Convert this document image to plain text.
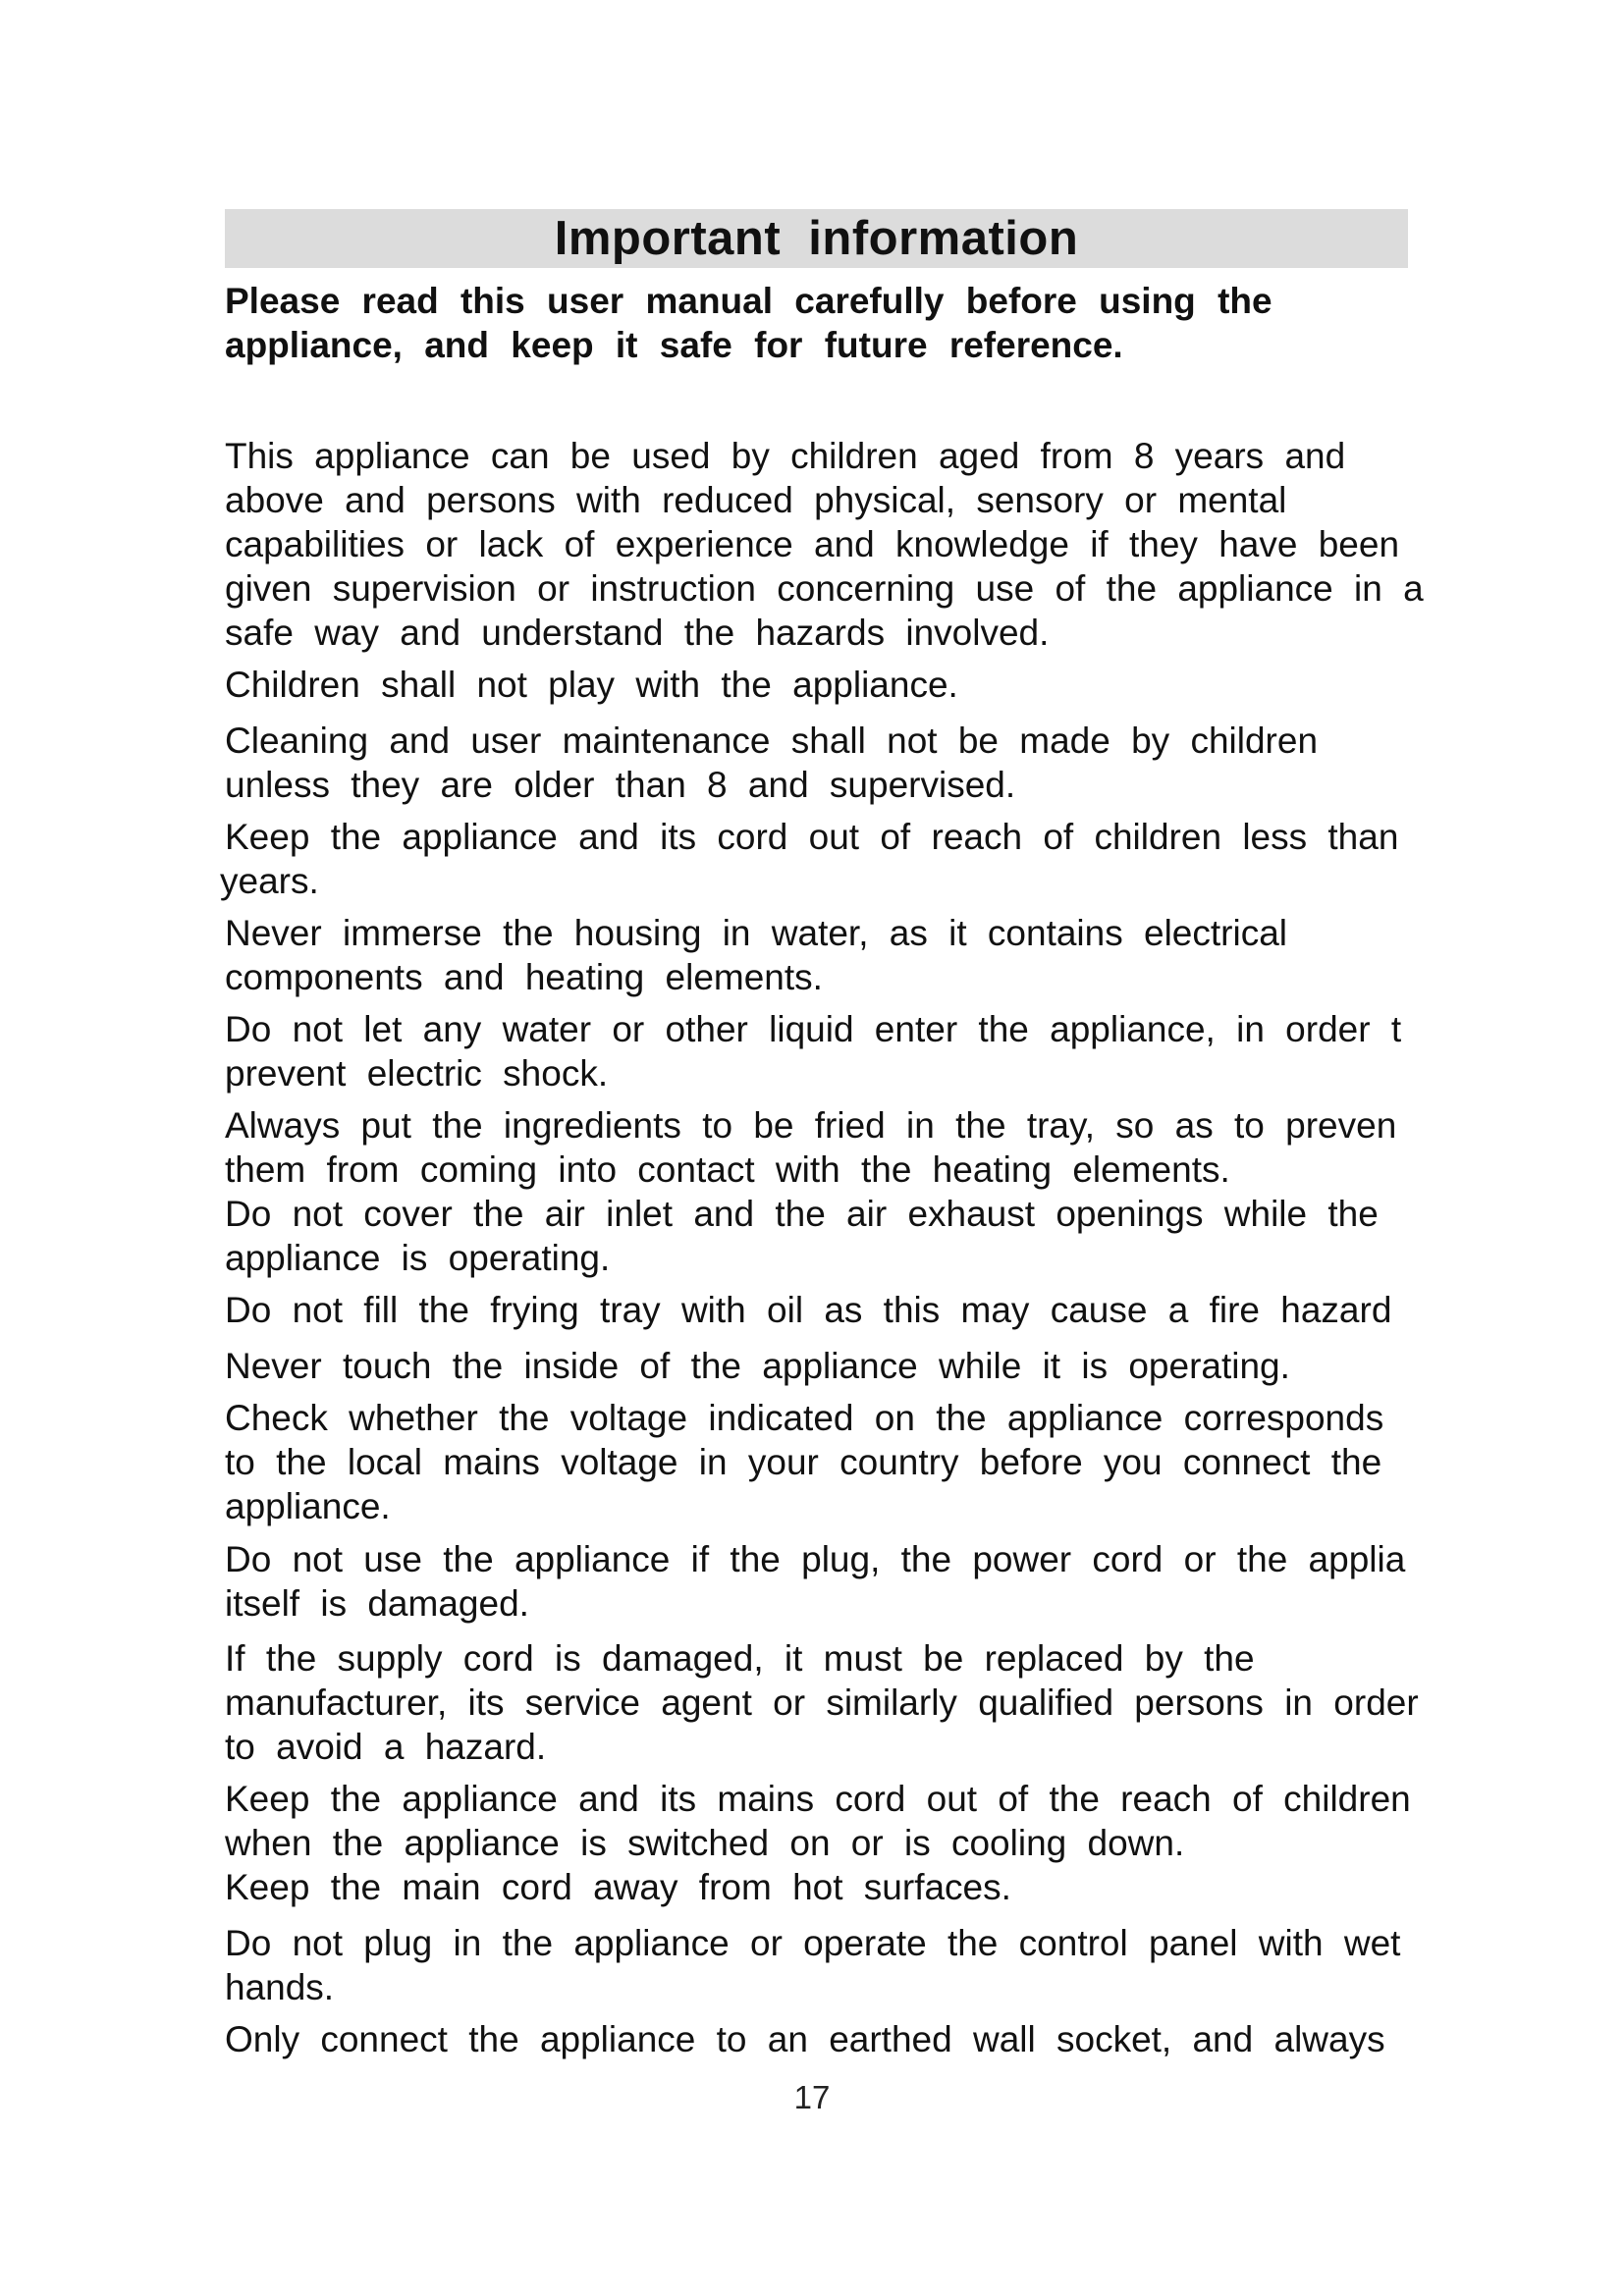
Important information
Please read this user manual carefully before using the
appliance, and keep it safe for future reference.
This appliance can be used by children aged from 8 years and
above and persons with reduced physical, sensory or mental
capabilities or lack of experience and knowledge if they have been
given supervision or instruction concerning use of the appliance in a
safe way and understand the hazards involved.
Children shall not play with the appliance.
Cleaning and user maintenance shall not be made by children
unless they are older than 8 and supervised.
Keep the appliance and its cord out of reach of children less than
years.
Never immerse the housing in water, as it contains electrical
components and heating elements.
Do not let any water or other liquid enter the appliance, in order t
prevent electric shock.
Always put the ingredients to be fried in the tray, so as to preven
them from coming into contact with the heating elements.
Do not cover the air inlet and the air exhaust openings while the
appliance is operating.
Do not fill the frying tray with oil as this may cause a fire hazard
Never touch the inside of the appliance while it is operating.
Check whether the voltage indicated on the appliance corresponds
to the local mains voltage in your country before you connect the
appliance.
Do not use the appliance if the plug, the power cord or the applia
itself is damaged.
If the supply cord is damaged, it must be replaced by the
manufacturer, its service agent or similarly qualified persons in order
to avoid a hazard.
Keep the appliance and its mains cord out of the reach of children
when the appliance is switched on or is cooling down.
Keep the main cord away from hot surfaces.
Do not plug in the appliance or operate the control panel with wet
hands.
Only connect the appliance to an earthed wall socket, and always
17
